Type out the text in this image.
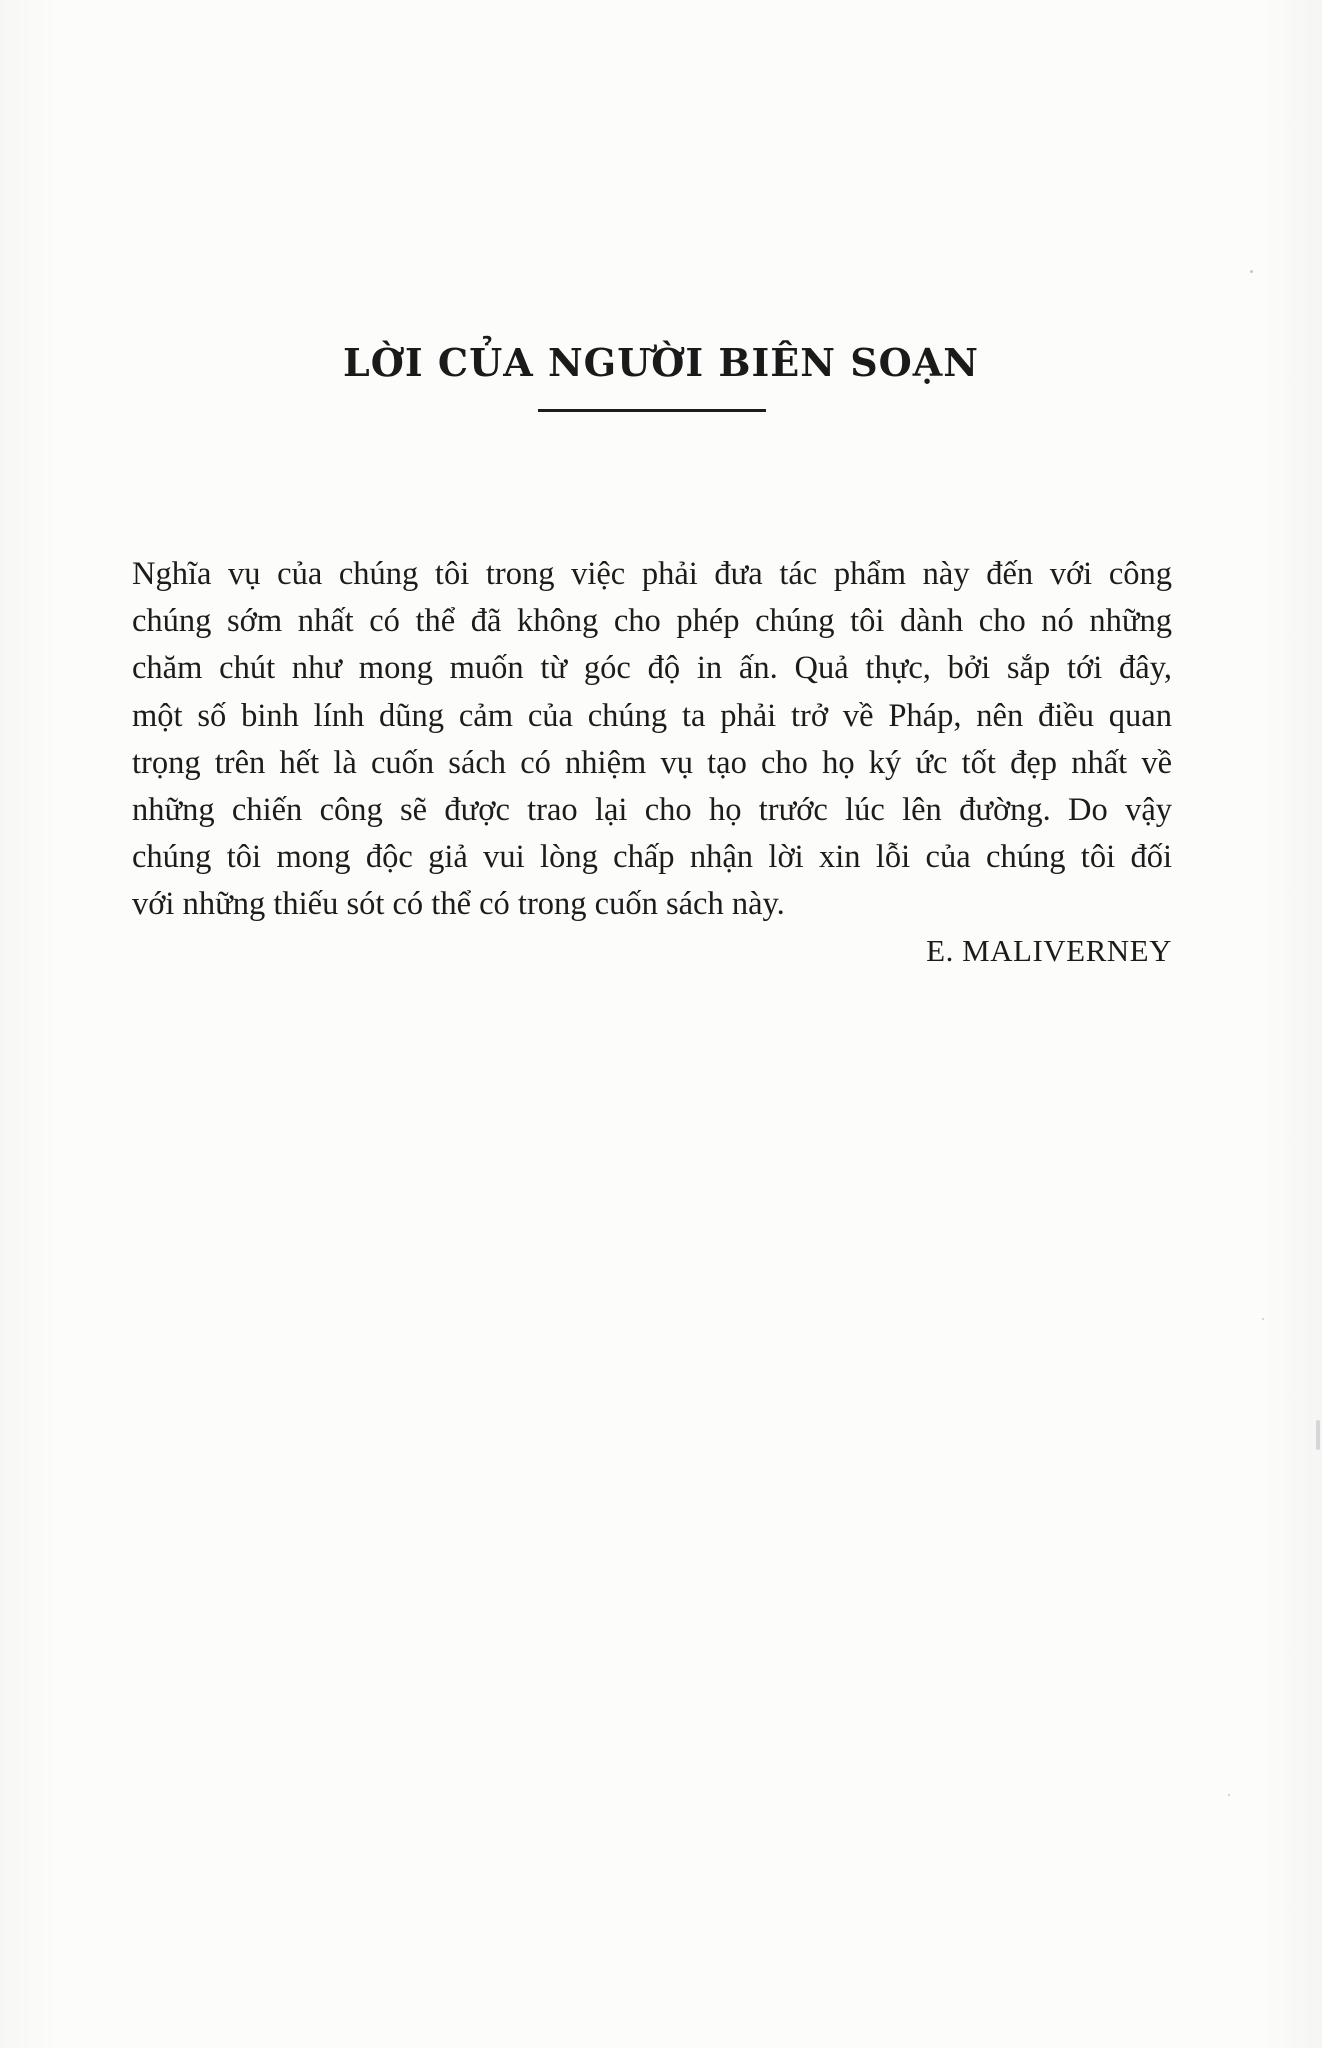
LỜI CỦA NGƯỜI BIÊN SOẠN
Nghĩa vụ của chúng tôi trong việc phải đưa tác phẩm này đến với công
chúng sớm nhất có thể đã không cho phép chúng tôi dành cho nó những
chăm chút như mong muốn từ góc độ in ấn. Quả thực, bởi sắp tới đây,
một số binh lính dũng cảm của chúng ta phải trở về Pháp, nên điều quan
trọng trên hết là cuốn sách có nhiệm vụ tạo cho họ ký ức tốt đẹp nhất về
những chiến công sẽ được trao lại cho họ trước lúc lên đường. Do vậy
chúng tôi mong độc giả vui lòng chấp nhận lời xin lỗi của chúng tôi đối
với những thiếu sót có thể có trong cuốn sách này.
E. MALIVERNEY
